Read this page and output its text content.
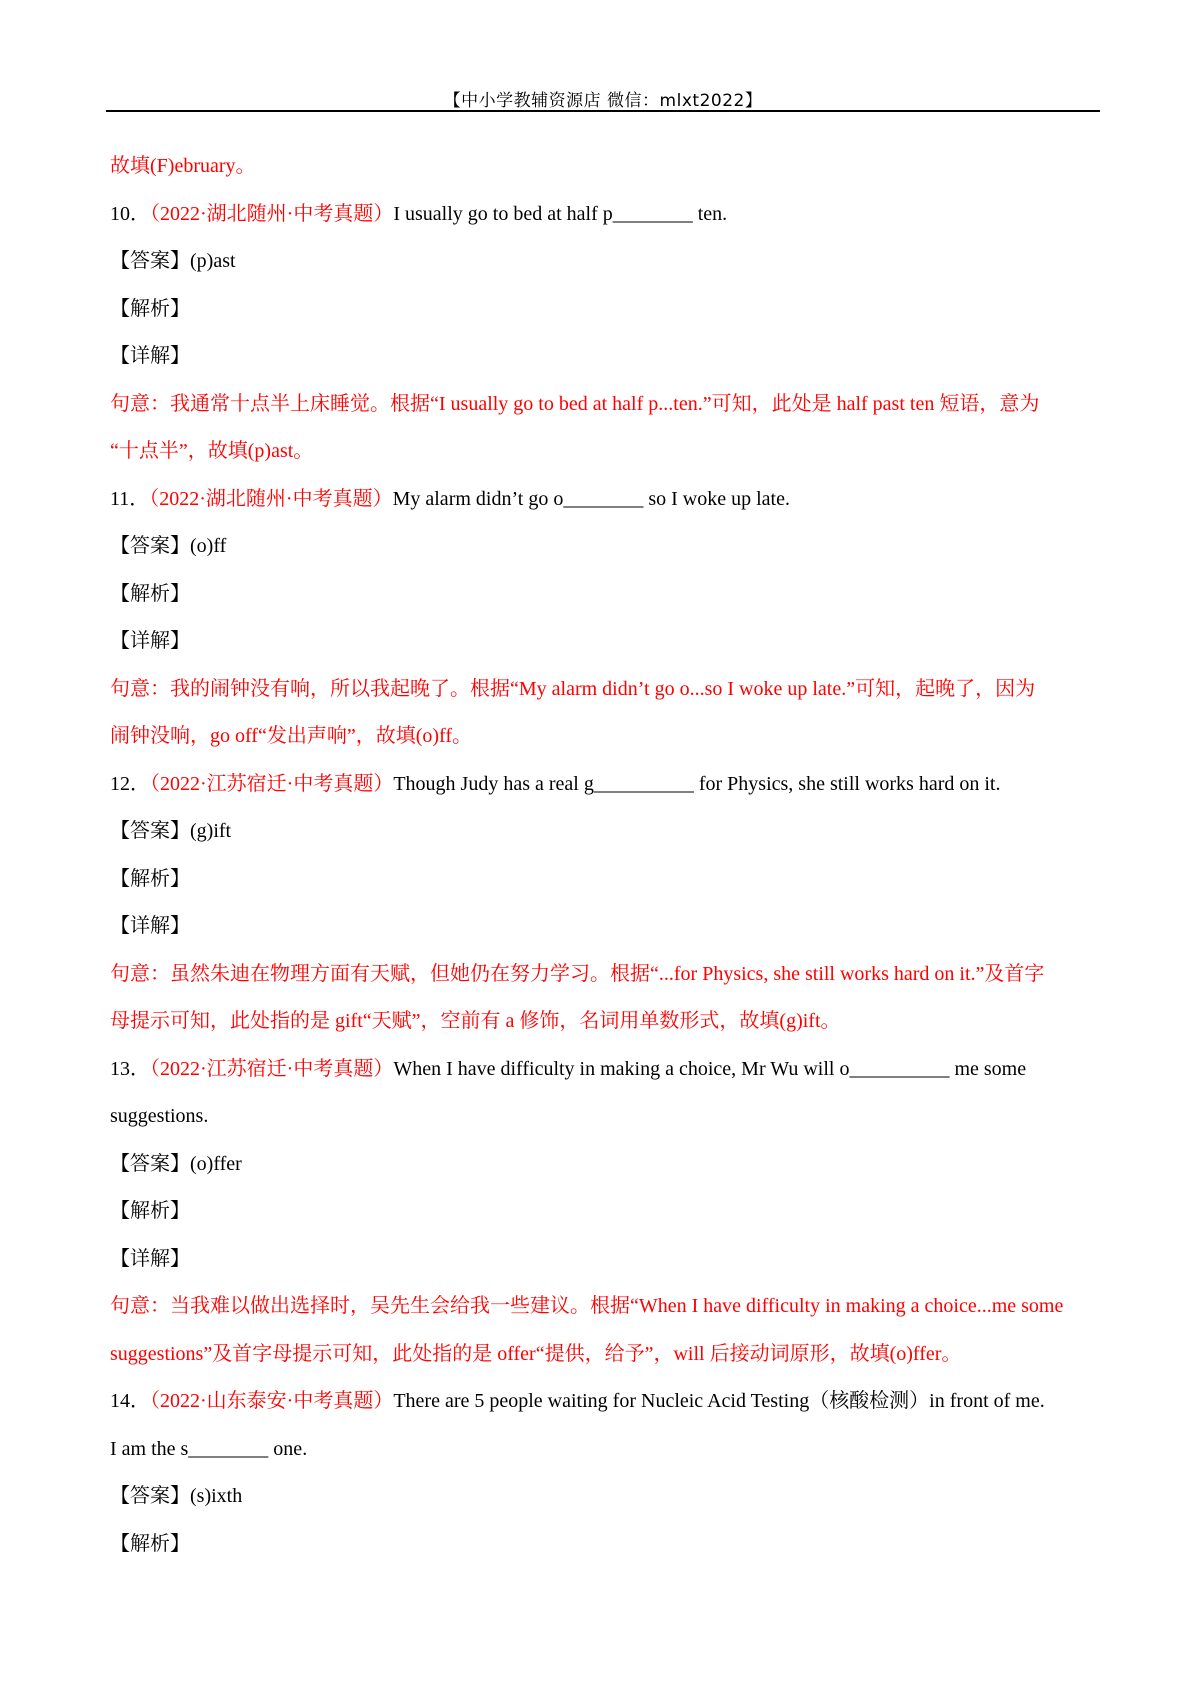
【中小学教辅资源店 微信：mlxt2022】
故填(F)ebruary。
10．（2022·湖北随州·中考真题）I usually go to bed at half p________ ten.
【答案】(p)ast
【解析】
【详解】
句意：我通常十点半上床睡觉。根据“I usually go to bed at half p...ten.”可知，此处是 half past ten 短语，意为
“十点半”，故填(p)ast。
11．（2022·湖北随州·中考真题）My alarm didn’t go o________ so I woke up late.
【答案】(o)ff
【解析】
【详解】
句意：我的闹钟没有响，所以我起晚了。根据“My alarm didn’t go o...so I woke up late.”可知，起晚了，因为
闹钟没响，go off“发出声响”，故填(o)ff。
12．（2022·江苏宿迁·中考真题）Though Judy has a real g__________ for Physics, she still works hard on it.
【答案】(g)ift
【解析】
【详解】
句意：虽然朱迪在物理方面有天赋，但她仍在努力学习。根据“...for Physics, she still works hard on it.”及首字
母提示可知，此处指的是 gift“天赋”，空前有 a 修饰，名词用单数形式，故填(g)ift。
13．（2022·江苏宿迁·中考真题）When I have difficulty in making a choice, Mr Wu will o__________ me some
suggestions.
【答案】(o)ffer
【解析】
【详解】
句意：当我难以做出选择时，吴先生会给我一些建议。根据“When I have difficulty in making a choice...me some
suggestions”及首字母提示可知，此处指的是 offer“提供，给予”，will 后接动词原形，故填(o)ffer。
14．（2022·山东泰安·中考真题）There are 5 people waiting for Nucleic Acid Testing（核酸检测）in front of me.
I am the s________ one.
【答案】(s)ixth
【解析】
